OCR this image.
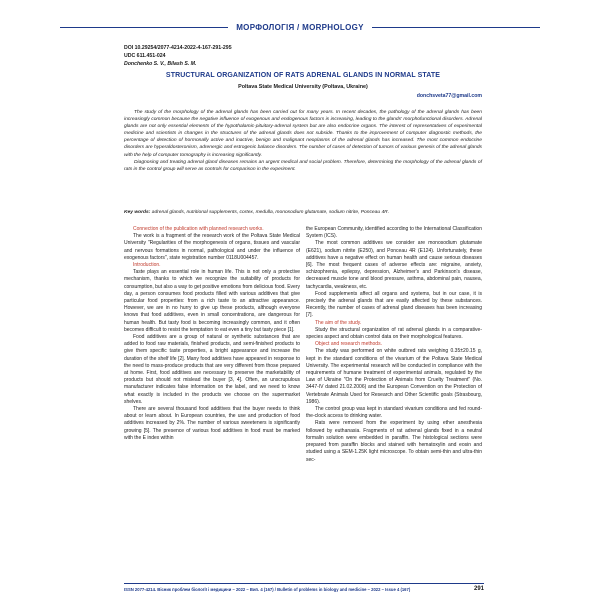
МОРФОЛОГІЯ / MORPHOLOGY
DOI 10.29254/2077-4214-2022-4-167-291-295
UDC 611.451-024
Donchenko S. V., Bilash S. M.
STRUCTURAL ORGANIZATION OF RATS ADRENAL GLANDS IN NORMAL STATE
Poltava State Medical University (Poltava, Ukraine)
donchsveta77@gmail.com

The study of the morphology of the adrenal glands has been carried out for many years. In recent decades, the pathology of the adrenal glands has been increasingly common because the negative influence of exogenous and endogenous factors is increasing, leading to the glands' morphofunctional disorders. Adrenal glands are not only essential elements of the hypothalamic-pituitary-adrenal system but are also endocrine organs. The interest of representatives of experimental medicine and scientists in changes in the structures of the adrenal glands does not subside. Thanks to the improvement of computer diagnostic methods, the percentage of detection of hormonally active and inactive, benign and malignant neoplasms of the adrenal glands has increased. The most common endocrine disorders are hyperaldosteronism, adrenergic and estrogenic balance disorders. The number of cases of detection of tumors of various genesis of the adrenal glands with the help of computer tomography is increasing significantly.

Diagnosing and treating adrenal gland diseases remains an urgent medical and social problem. Therefore, determining the morphology of the adrenal glands of rats in the control group will serve as controls for comparison in the experiment.

Key words: adrenal glands, nutritional supplements, cortex, medulla, monosodium glutamate, sodium nitrite, Ponceau 4R.

Connection of the publication with planned research works.

The work is a fragment of the research work of the Poltava State Medical University "Regularities of the morphogenesis of organs, tissues and vascular and nervous formations in normal, pathological and under the influence of exogenous factors", state registration number 0118U004457.

Introduction.

Taste plays an essential role in human life. This is not only a protective mechanism, thanks to which we recognize the suitability of products for consumption, but also a way to get positive emotions from delicious food. Every day, a person consumes food products filled with various additives that give particular food properties: from a rich taste to an attractive appearance. However, we are in no hurry to give up these products, although everyone knows that food additives, even in small concentrations, are dangerous for human health. But tasty food is becoming increasingly common, and it often becomes difficult to resist the temptation to eat even a tiny but tasty piece [1].

Food additives are a group of natural or synthetic substances that are added to food raw materials, finished products, and semi-finished products to give them specific taste properties, a bright appearance and increase the duration of the shelf life [2]. Many food additives have appeared in response to the need to mass-produce products that are very different from those prepared at home. First, food additives are necessary to preserve the marketability of products but should not mislead the buyer [3, 4]. Often, an unscrupulous manufacturer indicates false information on the label, and we need to know what exactly is included in the products we choose on the supermarket shelves.

There are several thousand food additives that the buyer needs to think about or learn about. In European countries, the use and production of food additives increased by 2%. The number of various sweeteners is significantly growing [5]. The presence of various food additives in food must be marked with the E index within

the European Community, identified according to the International Classification System (ICS).

The most common additives we consider are monosodium glutamate (E621), sodium nitrite (E250), and Ponceau 4R (E124). Unfortunately, these additives have a negative effect on human health and cause serious diseases [6]. The most frequent cases of adverse effects are: migraine, anxiety, schizophrenia, epilepsy, depression, Alzheimer's and Parkinson's disease, decreased muscle tone and blood pressure, asthma, abdominal pain, nausea, tachycardia, weakness, etc.

Food supplements affect all organs and systems, but in our case, it is precisely the adrenal glands that are easily affected by these substances. Recently, the number of cases of adrenal gland diseases has been increasing [7].

The aim of the study.

Study the structural organization of rat adrenal glands in a comparative-species aspect and obtain control data on their morphological features.

Object and research methods.

The study was performed on white outbred rats weighing 0.35±20.15 g, kept in the standard conditions of the vivarium of the Poltava State Medical University. The experimental research will be conducted in compliance with the requirements of humane treatment of experimental animals, regulated by the Law of Ukraine "On the Protection of Animals from Cruelty Treatment" (No. 3447-IV dated 21.02.2006) and the European Convention on the Protection of Vertebrate Animals Used for Research and Other Scientific goals (Strasbourg, 1986).

The control group was kept in standard vivarium conditions and fed round-the-clock access to drinking water.

Rats were removed from the experiment by using ether anesthesia followed by euthanasia. Fragments of rat adrenal glands fixed in a neutral formalin solution were embedded in paraffin. The histological sections were prepared from paraffin blocks and stained with hematoxylin and eosin and studied using a SEM-1.25K light microscope. To obtain semi-thin and ultra-thin sec-

ISSN 2077-4214. Вісник проблем біології і медицини – 2022 – Вип. 4 (167) / Bulletin of problems in biology and medicine – 2022 – Issue 4 (167)	291
